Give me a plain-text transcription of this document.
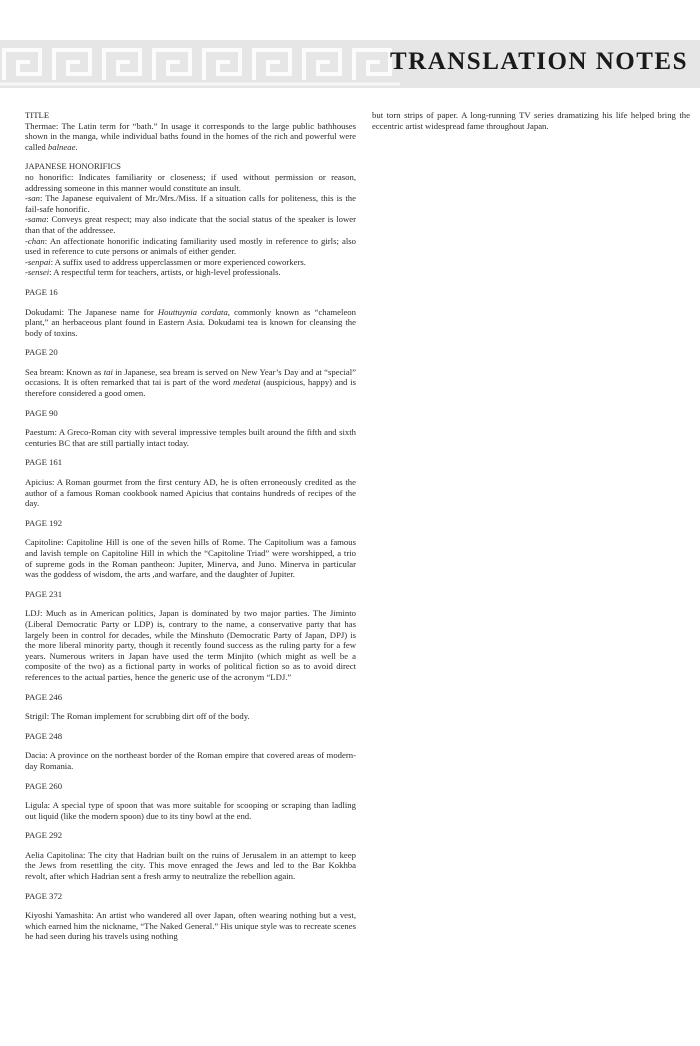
TRANSLATION NOTES

TITLE

Thermae: The Latin term for “bath.” In usage it corresponds to the large public bathhouses shown in the manga, while individual baths found in the homes of the rich and powerful were called balneae.

JAPANESE HONORIFICS

no honorific: Indicates familiarity or closeness; if used without permission or reason, addressing someone in this manner would constitute an insult.

-san: The Japanese equivalent of Mr./Mrs./Miss. If a situation calls for politeness, this is the fail-safe honorific.

-sama: Conveys great respect; may also indicate that the social status of the speaker is lower than that of the addressee.

-chan: An affectionate honorific indicating familiarity used mostly in reference to girls; also used in reference to cute persons or animals of either gender.

-senpai: A suffix used to address upperclassmen or more experienced coworkers.

-sensei: A respectful term for teachers, artists, or high-level professionals.

PAGE 16

Dokudami: The Japanese name for Houttuynia cordata, commonly known as “chameleon plant,” an herbaceous plant found in Eastern Asia. Dokudami tea is known for cleansing the body of toxins.

PAGE 20

Sea bream: Known as tai in Japanese, sea bream is served on New Year’s Day and at “special” occasions. It is often remarked that tai is part of the word medetai (auspicious, happy) and is therefore considered a good omen.

PAGE 90

Paestum: A Greco-Roman city with several impressive temples built around the fifth and sixth centuries BC that are still partially intact today.

PAGE 161

Apicius: A Roman gourmet from the first century AD, he is often erroneously credited as the author of a famous Roman cookbook named Apicius that contains hundreds of recipes of the day.

PAGE 192

Capitoline: Capitoline Hill is one of the seven hills of Rome. The Capitolium was a famous and lavish temple on Capitoline Hill in which the “Capitoline Triad” were worshipped, a trio of supreme gods in the Roman pantheon: Jupiter, Minerva, and Juno. Minerva in particular was the goddess of wisdom, the arts ,and warfare, and the daughter of Jupiter.

PAGE 231

LDJ: Much as in American politics, Japan is dominated by two major parties. The Jiminto (Liberal Democratic Party or LDP) is, contrary to the name, a conservative party that has largely been in control for decades, while the Minshuto (Democratic Party of Japan, DPJ) is the more liberal minority party, though it recently found success as the ruling party for a few years. Numerous writers in Japan have used the term Minjito (which might as well be a composite of the two) as a fictional party in works of political fiction so as to avoid direct references to the actual parties, hence the generic use of the acronym “LDJ.”

PAGE 246

Strigil: The Roman implement for scrubbing dirt off of the body.

PAGE 248

Dacia: A province on the northeast border of the Roman empire that covered areas of modern-day Romania.

PAGE 260

Ligula: A special type of spoon that was more suitable for scooping or scraping than ladling out liquid (like the modern spoon) due to its tiny bowl at the end.

PAGE 292

Aelia Capitolina: The city that Hadrian built on the ruins of Jerusalem in an attempt to keep the Jews from resettling the city. This move enraged the Jews and led to the Bar Kokhba revolt, after which Hadrian sent a fresh army to neutralize the rebellion again.

PAGE 372

Kiyoshi Yamashita: An artist who wandered all over Japan, often wearing nothing but a vest, which earned him the nickname, “The Naked General.” His unique style was to recreate scenes he had seen during his travels using nothing

but torn strips of paper. A long-running TV series dramatizing his life helped bring the eccentric artist widespread fame throughout Japan.
